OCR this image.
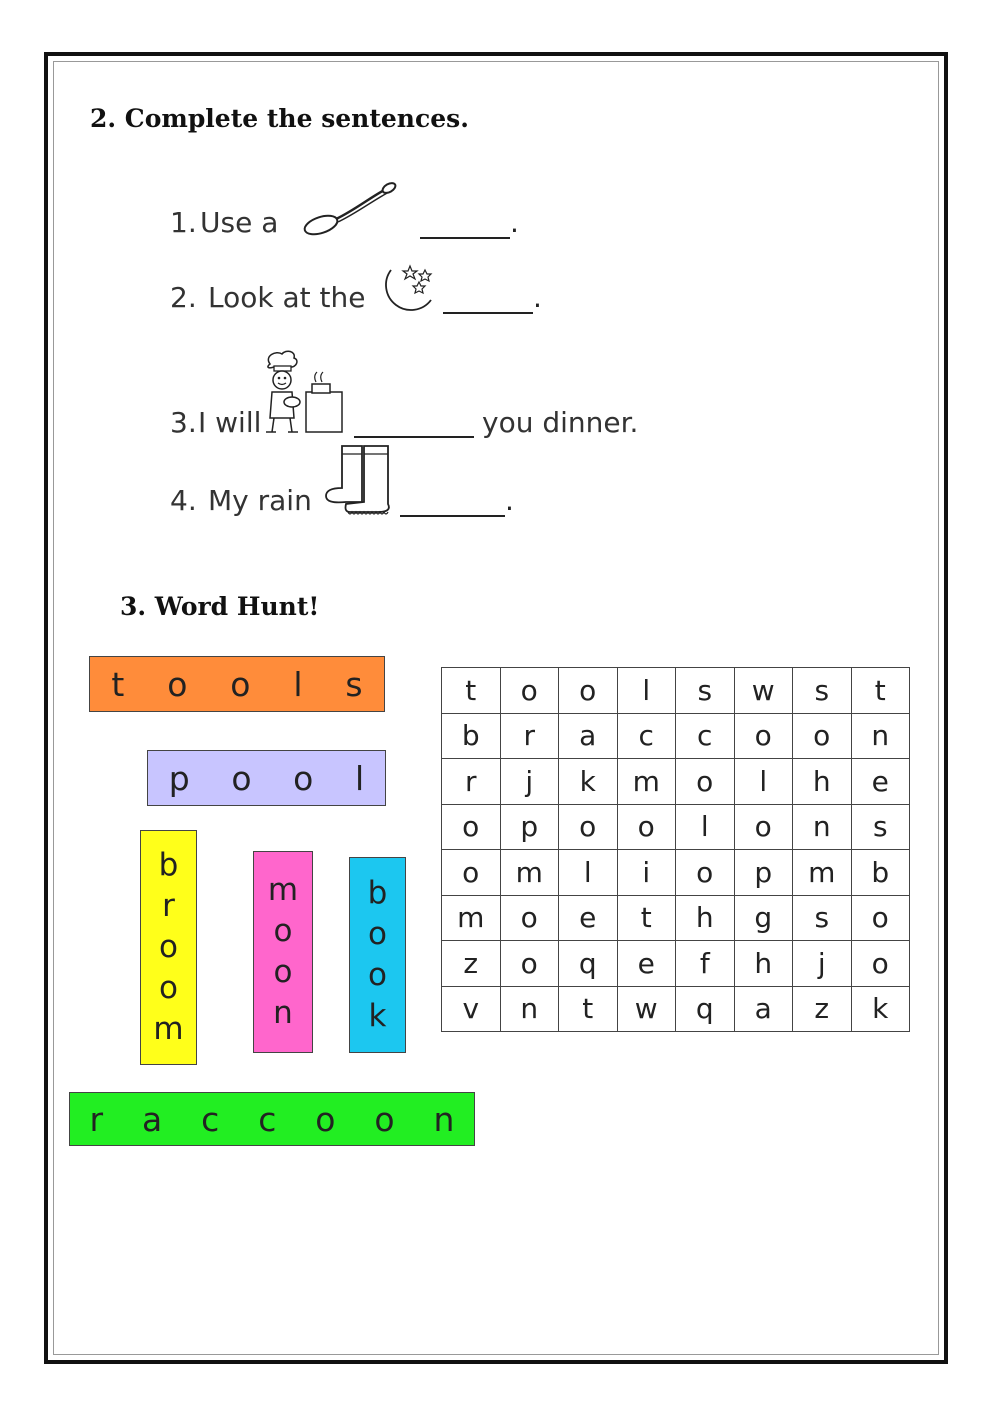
2. Complete the sentences.
1. Use a	.
2. Look at the	.
3. I will	you dinner.
4. My rain	.
3. Word Hunt!
t o o l s
p o o l
b
r
o
o
m
m
o
o
n
b
o
o
k
r a c c o o n
t	o	o	l	s	w	s	t
b	r	a	c	c	o	o	n
r	j	k	m	o	l	h	e
o	p	o	o	l	o	n	s
o	m	l	i	o	p	m	b
m	o	e	t	h	g	s	o
z	o	q	e	f	h	j	o
v	n	t	w	q	a	z	k
